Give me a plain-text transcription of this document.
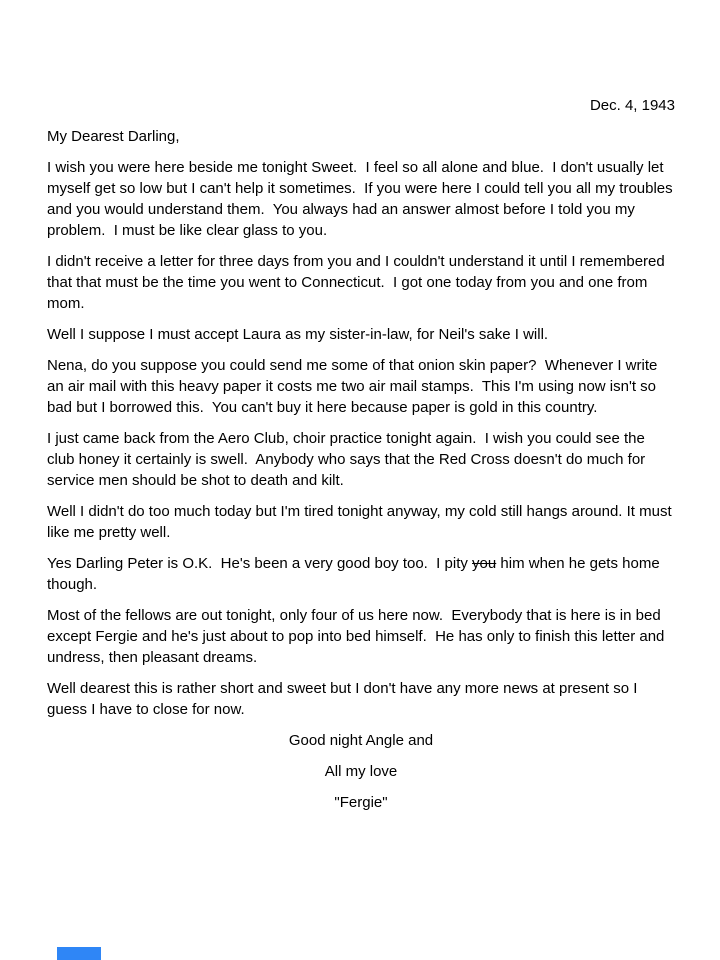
Dec. 4, 1943

My Dearest Darling,

I wish you were here beside me tonight Sweet.  I feel so all alone and blue.  I don't usually let myself get so low but I can't help it sometimes.  If you were here I could tell you all my troubles and you would understand them.  You always had an answer almost before I told you my problem.  I must be like clear glass to you.

I didn't receive a letter for three days from you and I couldn't understand it until I remembered that that must be the time you went to Connecticut.  I got one today from you and one from mom.

Well I suppose I must accept Laura as my sister-in-law, for Neil's sake I will.

Nena, do you suppose you could send me some of that onion skin paper?  Whenever I write an air mail with this heavy paper it costs me two air mail stamps.  This I'm using now isn't so bad but I borrowed this.  You can't buy it here because paper is gold in this country.

I just came back from the Aero Club, choir practice tonight again.  I wish you could see the club honey it certainly is swell.  Anybody who says that the Red Cross doesn't do much for service men should be shot to death and kilt.

Well I didn't do too much today but I'm tired tonight anyway, my cold still hangs around. It must like me pretty well.

Yes Darling Peter is O.K.  He's been a very good boy too.  I pity you him when he gets home though.

Most of the fellows are out tonight, only four of us here now.  Everybody that is here is in bed except Fergie and he's just about to pop into bed himself.  He has only to finish this letter and undress, then pleasant dreams.

Well dearest this is rather short and sweet but I don't have any more news at present so I guess I have to close for now.

Good night Angle and

All my love

"Fergie"
